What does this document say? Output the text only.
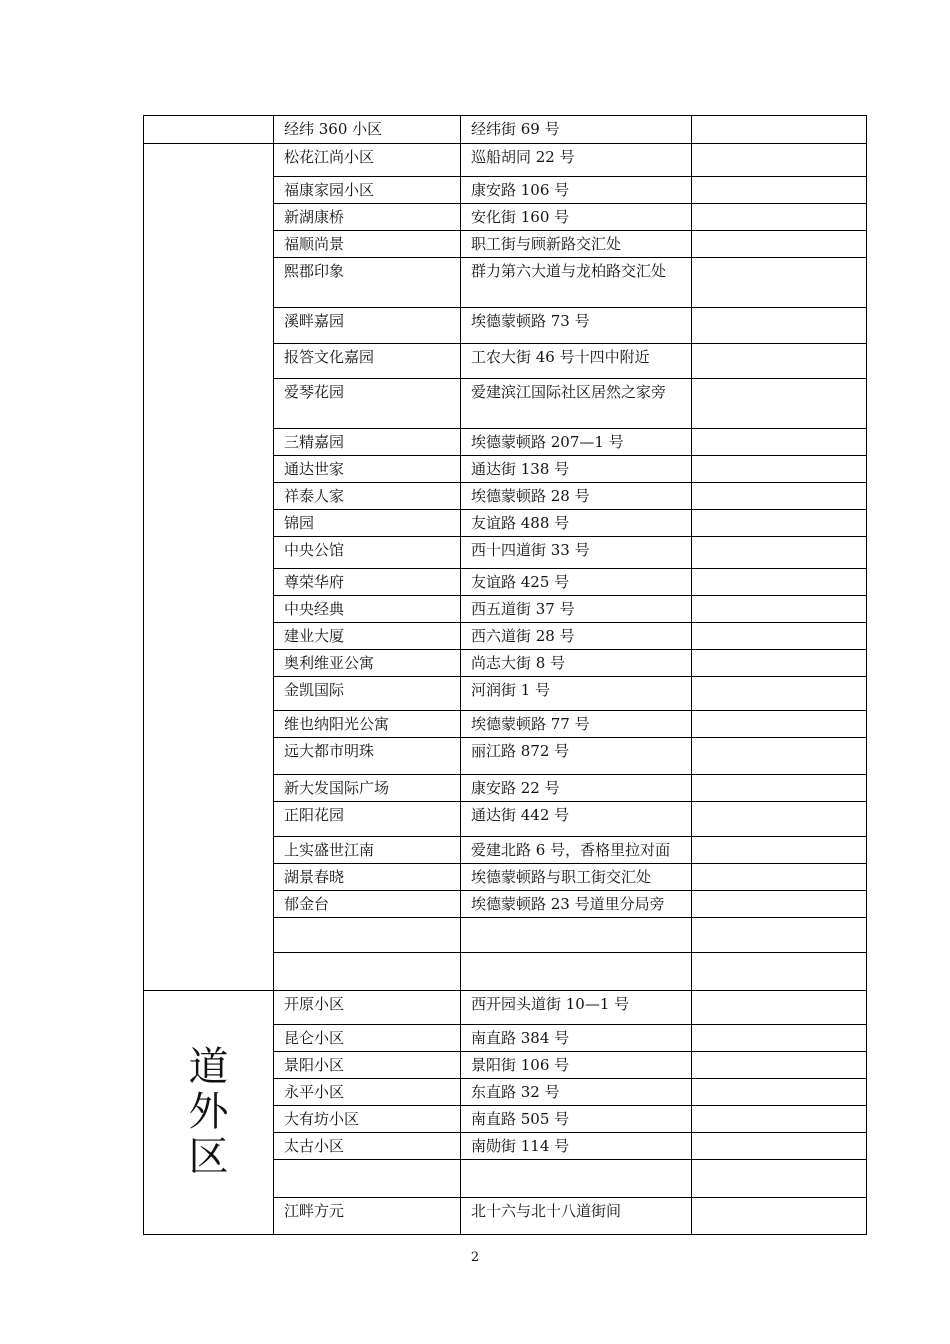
	经纬 360 小区	经纬街 69 号	

	松花江尚小区	巡船胡同 22 号	
	福康家园小区	康安路 106 号	
	新湖康桥	安化街 160 号	
	福顺尚景	职工街与顾新路交汇处	
	熙郡印象	群力第六大道与龙柏路交汇处	
	溪畔嘉园	埃德蒙顿路 73 号	
	报答文化嘉园	工农大街 46 号十四中附近	
	爱琴花园	爱建滨江国际社区居然之家旁	
	三精嘉园	埃德蒙顿路 207—1 号	
	通达世家	通达街 138 号	
	祥泰人家	埃德蒙顿路 28 号	
	锦园	友谊路 488 号	
	中央公馆	西十四道街 33 号	
	尊荣华府	友谊路 425 号	
	中央经典	西五道街 37 号	
	建业大厦	西六道街 28 号	
	奥利维亚公寓	尚志大街 8 号	
	金凯国际	河润街 1 号	
	维也纳阳光公寓	埃德蒙顿路 77 号	
	远大都市明珠	丽江路 872 号	
	新大发国际广场	康安路 22 号	
	正阳花园	通达街 442 号	
	上实盛世江南	爱建北路 6 号，香格里拉对面	
	湖景春晓	埃德蒙顿路与职工街交汇处	
	郁金台	埃德蒙顿路 23 号道里分局旁	

道外区	开原小区	西开园头道街 10—1 号	
	昆仑小区	南直路 384 号	
	景阳小区	景阳街 106 号	
	永平小区	东直路 32 号	
	大有坊小区	南直路 505 号	
	太古小区	南勋街 114 号	

	江畔方元	北十六与北十八道街间	
2
